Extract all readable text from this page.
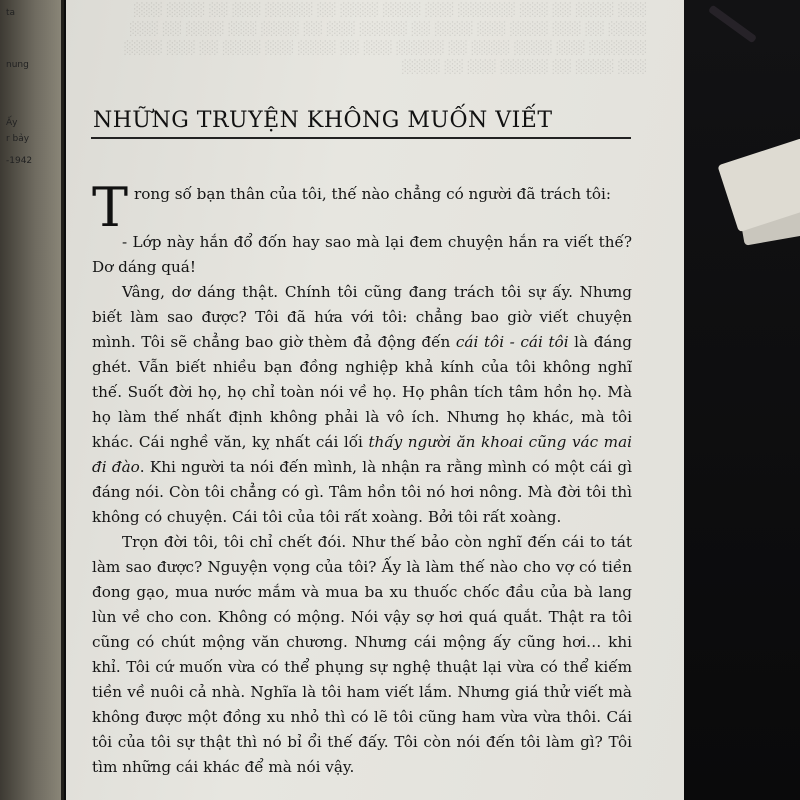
ta
nung
Ấy
r bảy
-1942
░░░ ░░░░ ░░ ░░░ ░░░░░░ ░░░ ░░░░ ░░░░ ░░ ░░░░░ ░░░ ░░ ░░░░ ░░░ ░░░░ ░░ ░░░ ░░░░ ░░░ ░░░░ ░░ ░░░░░ ░░░ ░░ ░░░░ ░░░ ░░░░ ░░ ░░░ ░░░░░░ ░░░ ░░░░ ░░░░ ░░ ░░░░░ ░░░ ░░ ░░░░ ░░░ ░░░░ ░░ ░░░ ░░░░ ░░░ ░░░░ ░░ ░░░░░ ░░░ ░░ ░░░░
NHỮNG TRUYỆN KHÔNG MUỐN VIẾT

Trong số bạn thân của tôi, thế nào chẳng có người đã trách tôi:

- Lớp này hắn đổ đốn hay sao mà lại đem chuyện hắn ra viết thế? Dơ dáng quá!

Vâng, dơ dáng thật. Chính tôi cũng đang trách tôi sự ấy. Nhưng biết làm sao được? Tôi đã hứa với tôi: chẳng bao giờ viết chuyện mình. Tôi sẽ chẳng bao giờ thèm đả động đến cái tôi - cái tôi là đáng ghét. Vẫn biết nhiều bạn đồng nghiệp khả kính của tôi không nghĩ thế. Suốt đời họ, họ chỉ toàn nói về họ. Họ phân tích tâm hồn họ. Mà họ làm thế nhất định không phải là vô ích. Nhưng họ khác, mà tôi khác. Cái nghề văn, kỵ nhất cái lối thấy người ăn khoai cũng vác mai đi đào. Khi người ta nói đến mình, là nhận ra rằng mình có một cái gì đáng nói. Còn tôi chẳng có gì. Tâm hồn tôi nó hơi nông. Mà đời tôi thì không có chuyện. Cái tôi của tôi rất xoàng. Bởi tôi rất xoàng.

Trọn đời tôi, tôi chỉ chết đói. Như thế bảo còn nghĩ đến cái to tát làm sao được? Nguyện vọng của tôi? Ấy là làm thế nào cho vợ có tiền đong gạo, mua nước mắm và mua ba xu thuốc chốc đầu của bà lang lùn về cho con. Không có mộng. Nói vậy sợ hơi quá quắt. Thật ra tôi cũng có chút mộng văn chương. Nhưng cái mộng ấy cũng hơi… khi khỉ. Tôi cứ muốn vừa có thể phụng sự nghệ thuật lại vừa có thể kiếm tiền về nuôi cả nhà. Nghĩa là tôi ham viết lắm. Nhưng giá thử viết mà không được một đồng xu nhỏ thì có lẽ tôi cũng ham vừa vừa thôi. Cái tôi của tôi sự thật thì nó bỉ ổi thế đấy. Tôi còn nói đến tôi làm gì? Tôi tìm những cái khác để mà nói vậy.
